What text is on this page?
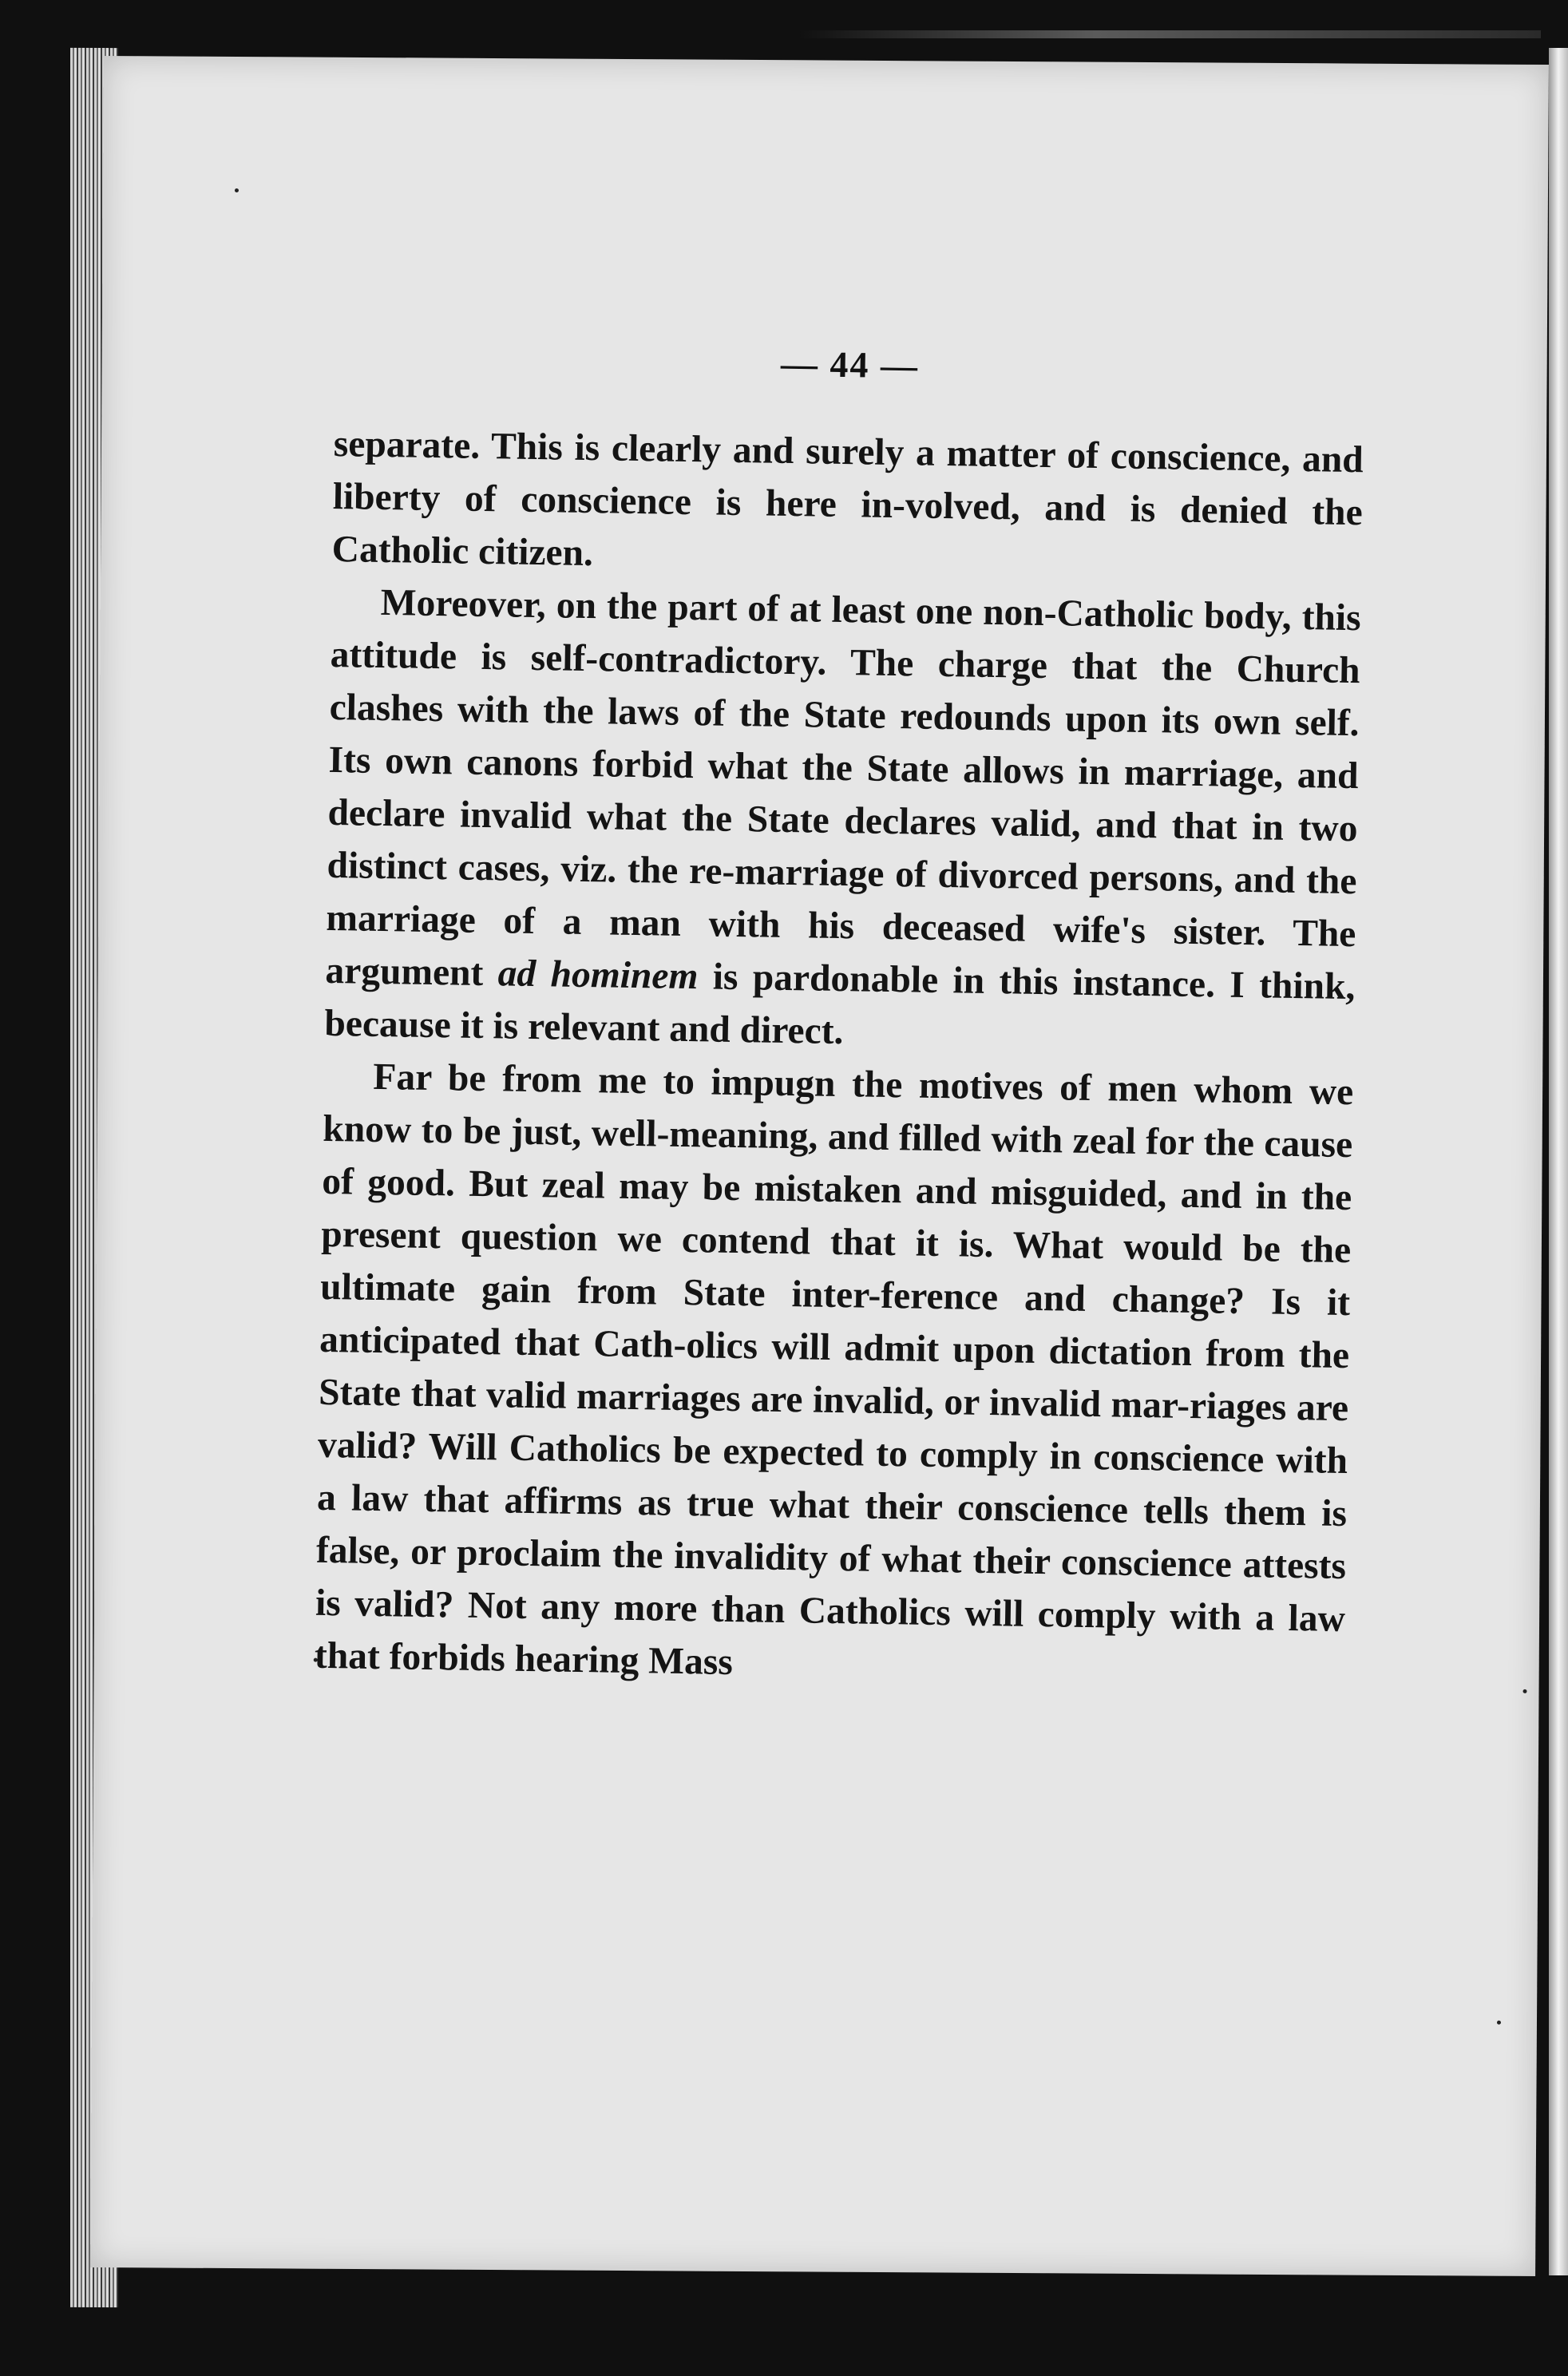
— 44 —

separate. This is clearly and surely a matter of conscience, and liberty of conscience is here in-volved, and is denied the Catholic citizen.

Moreover, on the part of at least one non-Catholic body, this attitude is self-contradictory. The charge that the Church clashes with the laws of the State redounds upon its own self. Its own canons forbid what the State allows in marriage, and declare invalid what the State declares valid, and that in two distinct cases, viz. the re-marriage of divorced persons, and the marriage of a man with his deceased wife's sister. The argument ad hominem is pardonable in this instance. I think, because it is relevant and direct.

Far be from me to impugn the motives of men whom we know to be just, well-meaning, and filled with zeal for the cause of good. But zeal may be mistaken and misguided, and in the present question we contend that it is. What would be the ultimate gain from State inter-ference and change? Is it anticipated that Cath-olics will admit upon dictation from the State that valid marriages are invalid, or invalid mar-riages are valid? Will Catholics be expected to comply in conscience with a law that affirms as true what their conscience tells them is false, or proclaim the invalidity of what their conscience attests is valid? Not any more than Catholics will comply with a law that forbids hearing Mass
